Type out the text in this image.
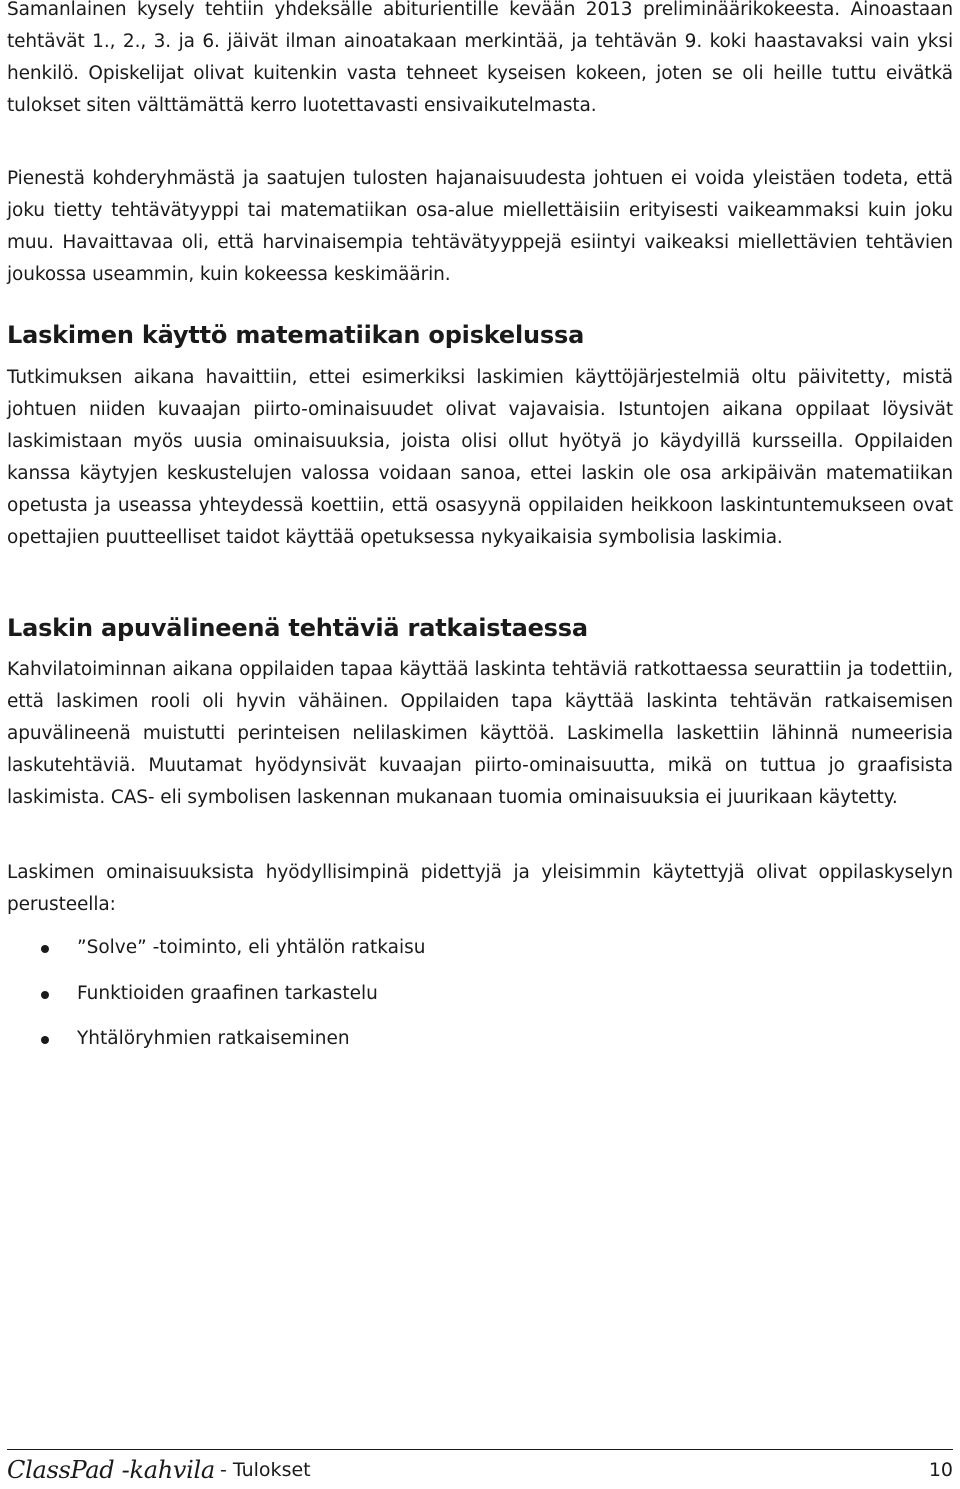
Samanlainen kysely tehtiin yhdeksälle abiturientille kevään 2013 preliminäärikokeesta. Ainoastaan tehtävät 1., 2., 3. ja 6. jäivät ilman ainoatakaan merkintää, ja tehtävän 9. koki haastavaksi vain yksi henkilö. Opiskelijat olivat kuitenkin vasta tehneet kyseisen kokeen, joten se oli heille tuttu eivätkä tulokset siten välttämättä kerro luotettavasti ensivaikutelmasta.

Pienestä kohderyhmästä ja saatujen tulosten hajanaisuudesta johtuen ei voida yleistäen todeta, että joku tietty tehtävätyyppi tai matematiikan osa-alue miellettäisiin erityisesti vaikeammaksi kuin joku muu. Havaittavaa oli, että harvinaisempia tehtävätyyppejä esiintyi vaikeaksi miellettävien tehtävien joukossa useammin, kuin kokeessa keskimäärin.

Laskimen käyttö matematiikan opiskelussa

Tutkimuksen aikana havaittiin, ettei esimerkiksi laskimien käyttöjärjestelmiä oltu päivitetty, mistä johtuen niiden kuvaajan piirto-ominaisuudet olivat vajavaisia. Istuntojen aikana oppilaat löysivät laskimistaan myös uusia ominaisuuksia, joista olisi ollut hyötyä jo käydyillä kursseilla. Oppilaiden kanssa käytyjen keskustelujen valossa voidaan sanoa, ettei laskin ole osa arkipäivän matematiikan opetusta ja useassa yhteydessä koettiin, että osasyynä oppilaiden heikkoon laskintuntemukseen ovat opettajien puutteelliset taidot käyttää opetuksessa nykyaikaisia symbolisia laskimia.

Laskin apuvälineenä tehtäviä ratkaistaessa

Kahvilatoiminnan aikana oppilaiden tapaa käyttää laskinta tehtäviä ratkottaessa seurattiin ja todettiin, että laskimen rooli oli hyvin vähäinen. Oppilaiden tapa käyttää laskinta tehtävän ratkaisemisen apuvälineenä muistutti perinteisen nelilaskimen käyttöä. Laskimella laskettiin lähinnä numeerisia laskutehtäviä. Muutamat hyödynsivät kuvaajan piirto-ominaisuutta, mikä on tuttua jo graafisista laskimista. CAS- eli symbolisen laskennan mukanaan tuomia ominaisuuksia ei juurikaan käytetty.

Laskimen ominaisuuksista hyödyllisimpinä pidettyjä ja yleisimmin käytettyjä olivat oppilaskyselyn perusteella:

”Solve” -toiminto, eli yhtälön ratkaisu
Funktioiden graafinen tarkastelu
Yhtälöryhmien ratkaiseminen
ClassPad -kahvila - Tulokset	10
